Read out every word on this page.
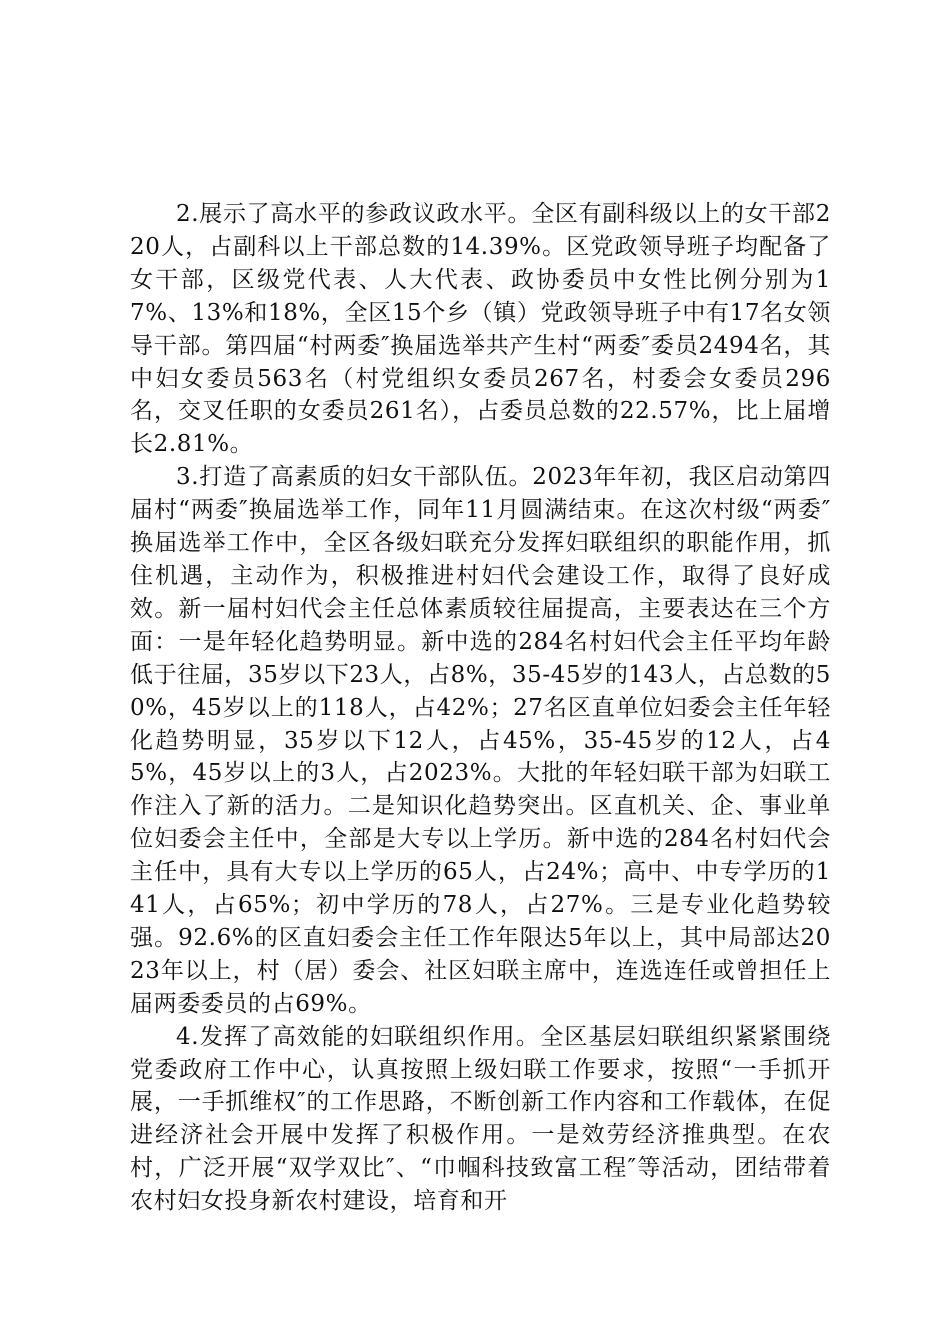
2.展示了高水平的参政议政水平。全区有副科级以上的女干部220人，占副科以上干部总数的14.39%。区党政领导班子均配备了女干部，区级党代表、人大代表、政协委员中女性比例分别为17%、13%和18%，全区15个乡（镇）党政领导班子中有17名女领导干部。第四届“村两委″换届选举共产生村“两委″委员2494名，其中妇女委员563名（村党组织女委员267名，村委会女委员296名，交叉任职的女委员261名），占委员总数的22.57%，比上届增长2.81%。

3.打造了高素质的妇女干部队伍。2023年年初，我区启动第四届村“两委″换届选举工作，同年11月圆满结束。在这次村级“两委″换届选举工作中，全区各级妇联充分发挥妇联组织的职能作用，抓住机遇，主动作为，积极推进村妇代会建设工作，取得了良好成效。新一届村妇代会主任总体素质较往届提高，主要表达在三个方面：一是年轻化趋势明显。新中选的284名村妇代会主任平均年龄低于往届，35岁以下23人，占8%，35-45岁的143人，占总数的50%，45岁以上的118人，占42%；27名区直单位妇委会主任年轻化趋势明显，35岁以下12人，占45%，35-45岁的12人，占45%，45岁以上的3人，占2023%。大批的年轻妇联干部为妇联工作注入了新的活力。二是知识化趋势突出。区直机关、企、事业单位妇委会主任中，全部是大专以上学历。新中选的284名村妇代会主任中，具有大专以上学历的65人，占24%；高中、中专学历的141人，占65%；初中学历的78人，占27%。三是专业化趋势较强。92.6%的区直妇委会主任工作年限达5年以上，其中局部达2023年以上，村（居）委会、社区妇联主席中，连选连任或曾担任上届两委委员的占69%。

4.发挥了高效能的妇联组织作用。全区基层妇联组织紧紧围绕党委政府工作中心，认真按照上级妇联工作要求，按照“一手抓开展，一手抓维权″的工作思路，不断创新工作内容和工作载体，在促进经济社会开展中发挥了积极作用。一是效劳经济推典型。在农村，广泛开展“双学双比″、“巾帼科技致富工程″等活动，团结带着农村妇女投身新农村建设，培育和开
